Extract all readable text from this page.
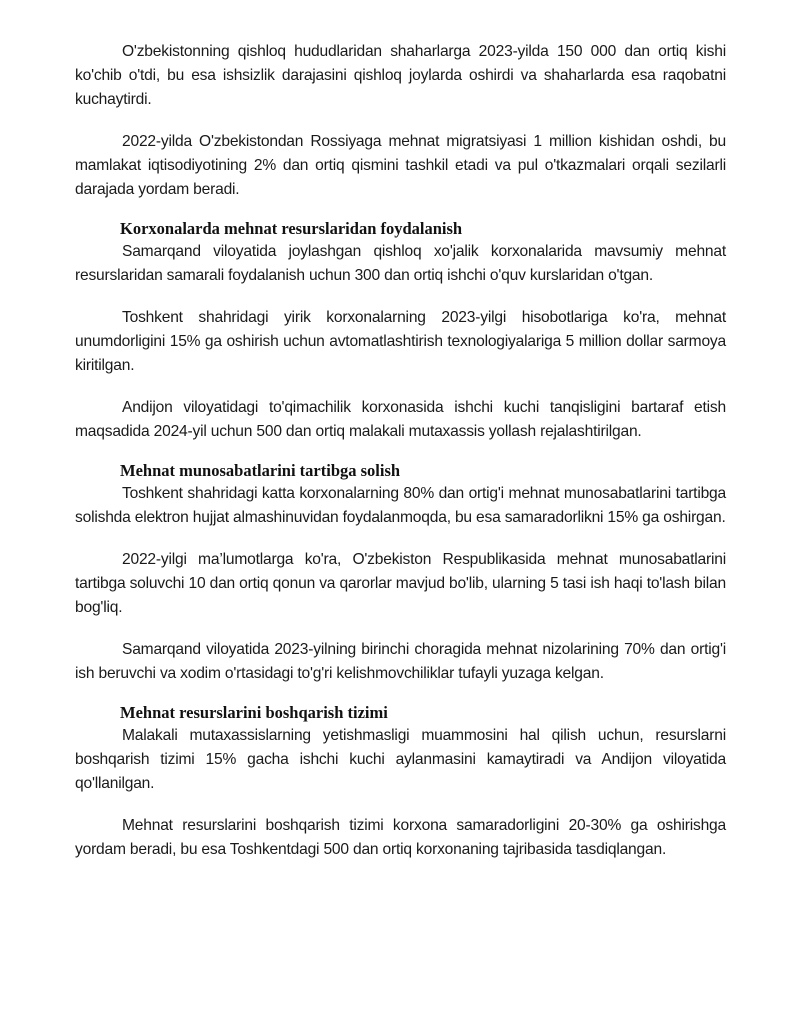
O'zbekistonning qishloq hududlaridan shaharlarga 2023-yilda 150 000 dan ortiq kishi ko'chib o'tdi, bu esa ishsizlik darajasini qishloq joylarda oshirdi va shaharlarda esa raqobatni kuchaytirdi.

2022-yilda O'zbekistondan Rossiyaga mehnat migratsiyasi 1 million kishidan oshdi, bu mamlakat iqtisodiyotining 2% dan ortiq qismini tashkil etadi va pul o'tkazmalari orqali sezilarli darajada yordam beradi.

Korxonalarda mehnat resurslaridan foydalanish

Samarqand viloyatida joylashgan qishloq xo'jalik korxonalarida mavsumiy mehnat resurslaridan samarali foydalanish uchun 300 dan ortiq ishchi o'quv kurslaridan o'tgan.

Toshkent shahridagi yirik korxonalarning 2023-yilgi hisobotlariga ko'ra, mehnat unumdorligini 15% ga oshirish uchun avtomatlashtirish texnologiyalariga 5 million dollar sarmoya kiritilgan.

Andijon viloyatidagi to'qimachilik korxonasida ishchi kuchi tanqisligini bartaraf etish maqsadida 2024-yil uchun 500 dan ortiq malakali mutaxassis yollash rejalashtirilgan.

Mehnat munosabatlarini tartibga solish

Toshkent shahridagi katta korxonalarning 80% dan ortig'i mehnat munosabatlarini tartibga solishda elektron hujjat almashinuvidan foydalanmoqda, bu esa samaradorlikni 15% ga oshirgan.

2022-yilgi ma’lumotlarga ko'ra, O'zbekiston Respublikasida mehnat munosabatlarini tartibga soluvchi 10 dan ortiq qonun va qarorlar mavjud bo'lib, ularning 5 tasi ish haqi to'lash bilan bog'liq.

Samarqand viloyatida 2023-yilning birinchi choragida mehnat nizolarining 70% dan ortig'i ish beruvchi va xodim o'rtasidagi to'g'ri kelishmovchiliklar tufayli yuzaga kelgan.

Mehnat resurslarini boshqarish tizimi

Malakali mutaxassislarning yetishmasligi muammosini hal qilish uchun, resurslarni boshqarish tizimi 15% gacha ishchi kuchi aylanmasini kamaytiradi va Andijon viloyatida qo'llanilgan.

Mehnat resurslarini boshqarish tizimi korxona samaradorligini 20-30% ga oshirishga yordam beradi, bu esa Toshkentdagi 500 dan ortiq korxonaning tajribasida tasdiqlangan.
